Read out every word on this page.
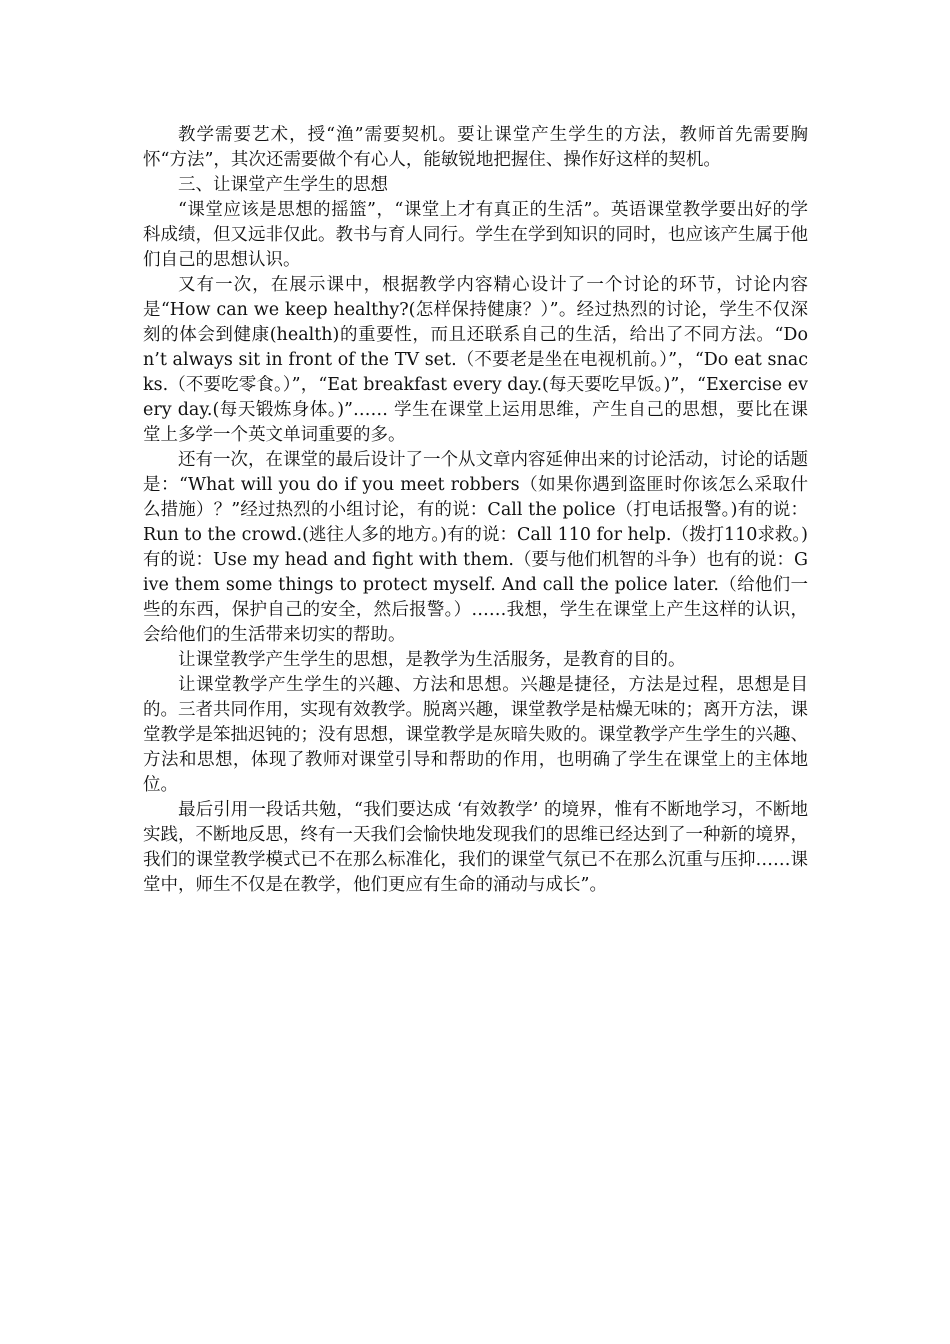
教学需要艺术，授“渔”需要契机。要让课堂产生学生的方法，教师首先需要胸怀“方法”，其次还需要做个有心人，能敏锐地把握住、操作好这样的契机。

三、让课堂产生学生的思想

“课堂应该是思想的摇篮”，“课堂上才有真正的生活”。英语课堂教学要出好的学科成绩，但又远非仅此。教书与育人同行。学生在学到知识的同时，也应该产生属于他们自己的思想认识。

又有一次，在展示课中，根据教学内容精心设计了一个讨论的环节，讨论内容是“How can we keep healthy?(怎样保持健康？）”。经过热烈的讨论，学生不仅深刻的体会到健康(health)的重要性，而且还联系自己的生活，给出了不同方法。“Don’t always sit in front of the TV set.（不要老是坐在电视机前。）”，“Do eat snacks.（不要吃零食。）”，“Eat breakfast every day.(每天要吃早饭。)”，“Exercise every day.(每天锻炼身体。)”…… 学生在课堂上运用思维，产生自己的思想，要比在课堂上多学一个英文单词重要的多。

还有一次，在课堂的最后设计了一个从文章内容延伸出来的讨论活动，讨论的话题是：“What will you do if you meet robbers（如果你遇到盗匪时你该怎么采取什么措施）？”经过热烈的小组讨论，有的说：Call the police（打电话报警。)有的说：Run to the crowd.(逃往人多的地方。)有的说：Call 110 for help.（拨打110求救。)有的说：Use my head and fight with them.（要与他们机智的斗争）也有的说：Give them some things to protect myself. And call the police later.（给他们一些的东西，保护自己的安全，然后报警。）……我想，学生在课堂上产生这样的认识，会给他们的生活带来切实的帮助。

让课堂教学产生学生的思想，是教学为生活服务，是教育的目的。

让课堂教学产生学生的兴趣、方法和思想。兴趣是捷径，方法是过程，思想是目的。三者共同作用，实现有效教学。脱离兴趣，课堂教学是枯燥无味的；离开方法，课堂教学是笨拙迟钝的；没有思想，课堂教学是灰暗失败的。课堂教学产生学生的兴趣、方法和思想，体现了教师对课堂引导和帮助的作用，也明确了学生在课堂上的主体地位。

最后引用一段话共勉，“我们要达成 ‘有效教学’ 的境界，惟有不断地学习，不断地实践，不断地反思，终有一天我们会愉快地发现我们的思维已经达到了一种新的境界，我们的课堂教学模式已不在那么标准化，我们的课堂气氛已不在那么沉重与压抑……课堂中，师生不仅是在教学，他们更应有生命的涌动与成长”。
